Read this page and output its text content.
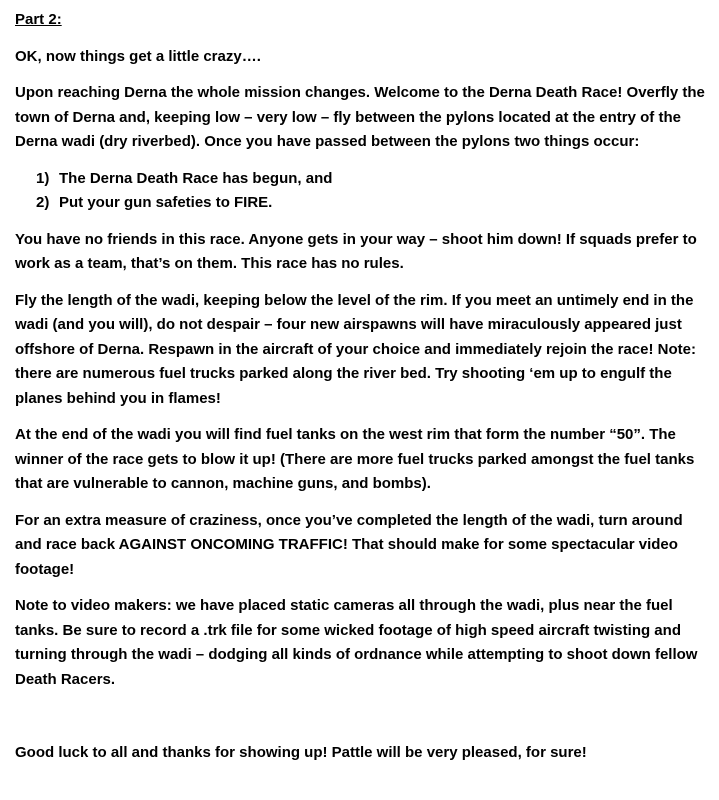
Part 2:

OK, now things get a little crazy….

Upon reaching Derna the whole mission changes. Welcome to the Derna Death Race! Overfly the town of Derna and, keeping low – very low – fly between the pylons located at the entry of the Derna wadi (dry riverbed). Once you have passed between the pylons two things occur:

1) The Derna Death Race has begun, and
2) Put your gun safeties to FIRE.

You have no friends in this race. Anyone gets in your way – shoot him down! If squads prefer to work as a team, that’s on them. This race has no rules.

Fly the length of the wadi, keeping below the level of the rim. If you meet an untimely end in the wadi (and you will), do not despair – four new airspawns will have miraculously appeared just offshore of Derna. Respawn in the aircraft of your choice and immediately rejoin the race! Note: there are numerous fuel trucks parked along the river bed. Try shooting ‘em up to engulf the planes behind you in flames!

At the end of the wadi you will find fuel tanks on the west rim that form the number “50”. The winner of the race gets to blow it up! (There are more fuel trucks parked amongst the fuel tanks that are vulnerable to cannon, machine guns, and bombs).

For an extra measure of craziness, once you’ve completed the length of the wadi, turn around and race back AGAINST ONCOMING TRAFFIC! That should make for some spectacular video footage!

Note to video makers: we have placed static cameras all through the wadi, plus near the fuel tanks. Be sure to record a .trk file for some wicked footage of high speed aircraft twisting and turning through the wadi – dodging all kinds of ordnance while attempting to shoot down fellow Death Racers.

Good luck to all and thanks for showing up! Pattle will be very pleased, for sure!
